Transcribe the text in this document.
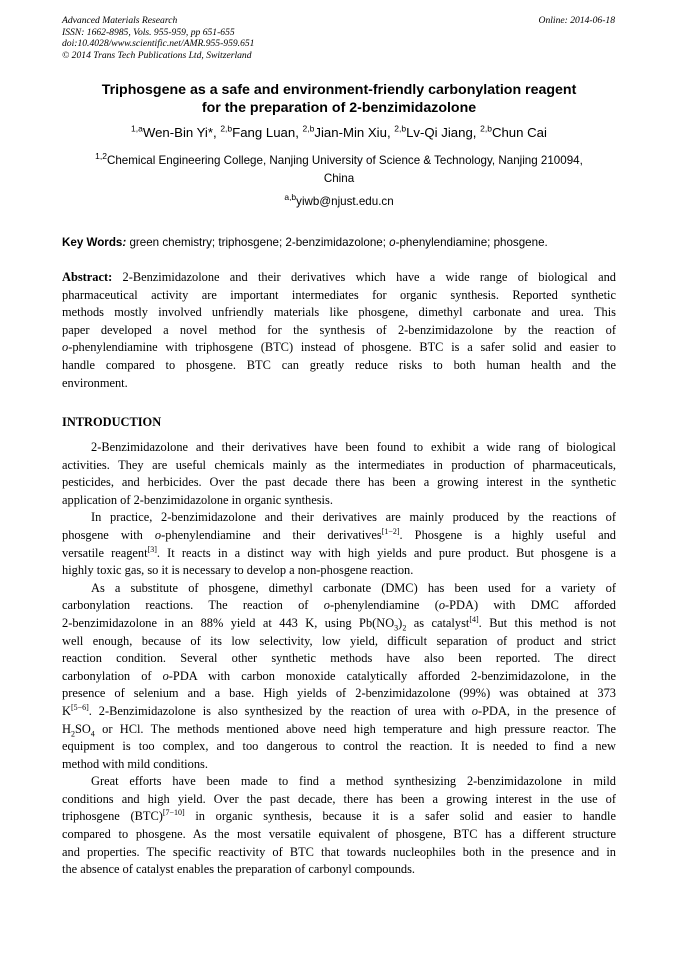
Advanced Materials Research
ISSN: 1662-8985, Vols. 955-959, pp 651-655
doi:10.4028/www.scientific.net/AMR.955-959.651
© 2014 Trans Tech Publications Ltd, Switzerland
Online: 2014-06-18
Triphosgene as a safe and environment-friendly carbonylation reagent
for the preparation of 2-benzimidazolone
$^{1,a}$Wen-Bin Yi*, $^{2,b}$Fang Luan, $^{2,b}$Jian-Min Xiu, $^{2,b}$Lv-Qi Jiang, $^{2,b}$Chun Cai
$^{1,2}$Chemical Engineering College, Nanjing University of Science & Technology, Nanjing 210094,
China
$^{a,b}$yiwb@njust.edu.cn
Key Words: green chemistry; triphosgene; 2-benzimidazolone; o-phenylendiamine; phosgene.
Abstract: 2-Benzimidazolone and their derivatives which have a wide range of biological and
pharmaceutical activity are important intermediates for organic synthesis. Reported synthetic
methods mostly involved unfriendly materials like phosgene, dimethyl carbonate and urea. This
paper developed a novel method for the synthesis of 2-benzimidazolone by the reaction of
o-phenylendiamine with triphosgene (BTC) instead of phosgene. BTC is a safer solid and easier to
handle compared to phosgene. BTC can greatly reduce risks to both human health and the
environment.
INTRODUCTION
2-Benzimidazolone and their derivatives have been found to exhibit a wide rang of biological
activities. They are useful chemicals mainly as the intermediates in production of pharmaceuticals,
pesticides, and herbicides. Over the past decade there has been a growing interest in the synthetic
application of 2-benzimidazolone in organic synthesis.
In practice, 2-benzimidazolone and their derivatives are mainly produced by the reactions of
phosgene with o-phenylendiamine and their derivatives[1−2]. Phosgene is a highly useful and
versatile reagent[3]. It reacts in a distinct way with high yields and pure product. But phosgene is a
highly toxic gas, so it is necessary to develop a non-phosgene reaction.
As a substitute of phosgene, dimethyl carbonate (DMC) has been used for a variety of
carbonylation reactions. The reaction of o-phenylendiamine (o-PDA) with DMC afforded
2-benzimidazolone in an 88% yield at 443 K, using $Pb(NO_3)_2$ as catalyst[4]. But this method is not
well enough, because of its low selectivity, low yield, difficult separation of product and strict
reaction condition. Several other synthetic methods have also been reported. The direct
carbonylation of o-PDA with carbon monoxide catalytically afforded 2-benzimidazolone, in the
presence of selenium and a base. High yields of 2-benzimidazolone (99%) was obtained at 373
K[5−6]. 2-Benzimidazolone is also synthesized by the reaction of urea with o-PDA, in the presence of
$H_2SO_4$ or HCl. The methods mentioned above need high temperature and high pressure reactor. The
equipment is too complex, and too dangerous to control the reaction. It is needed to find a new
method with mild conditions.
Great efforts have been made to find a method synthesizing 2-benzimidazolone in mild
conditions and high yield. Over the past decade, there has been a growing interest in the use of
triphosgene (BTC)[7−10] in organic synthesis, because it is a safer solid and easier to handle
compared to phosgene. As the most versatile equivalent of phosgene, BTC has a different structure
and properties. The specific reactivity of BTC that towards nucleophiles both in the presence and in
the absence of catalyst enables the preparation of carbonyl compounds.
